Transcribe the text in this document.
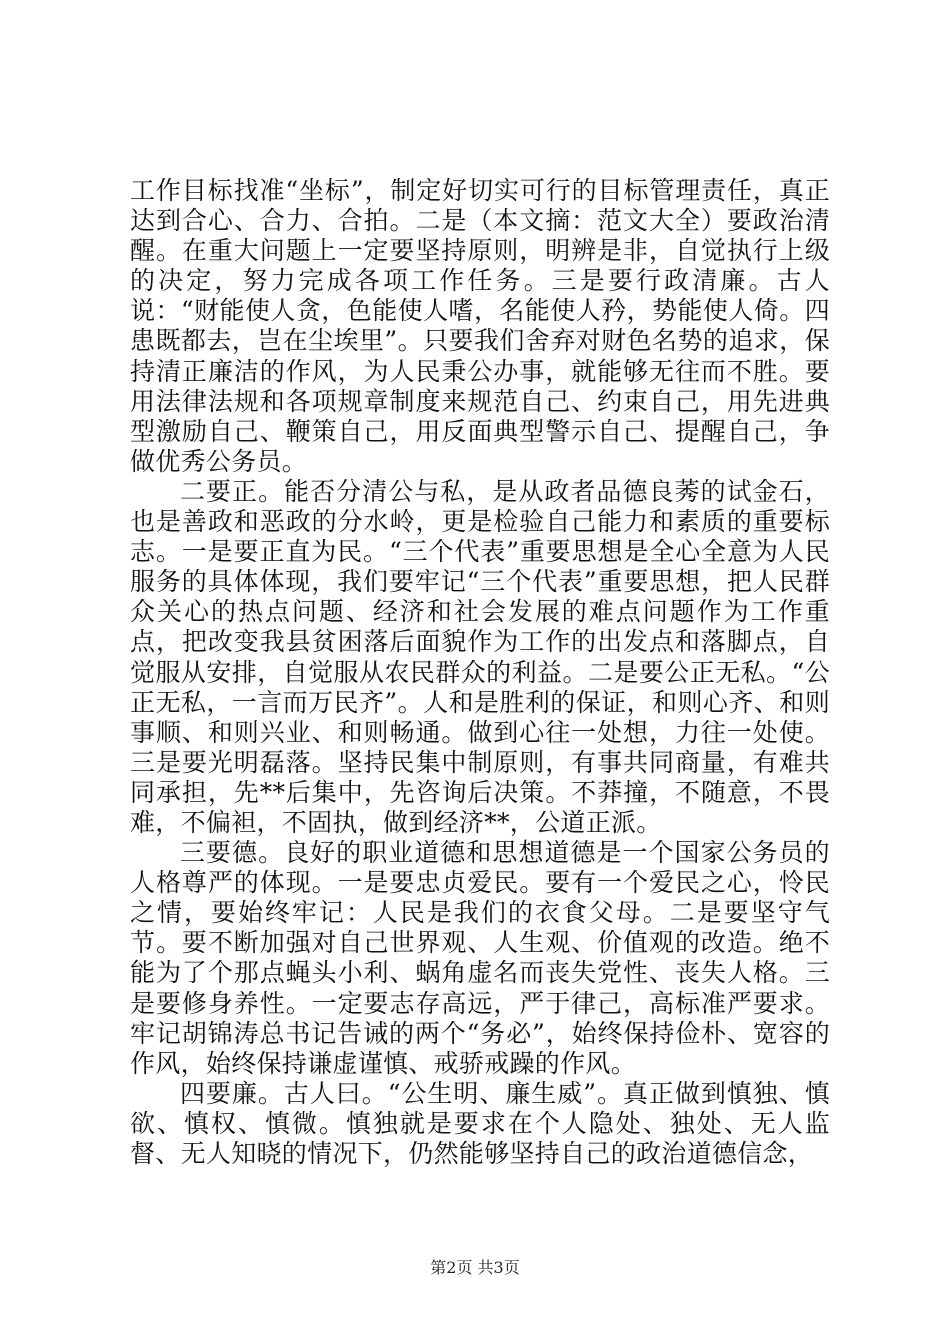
工作目标找准“坐标”，制定好切实可行的目标管理责任，真正达到合心、合力、合拍。二是（本文摘：范文大全）要政治清醒。在重大问题上一定要坚持原则，明辨是非，自觉执行上级的决定，努力完成各项工作任务。三是要行政清廉。古人说：“财能使人贪，色能使人嗜，名能使人矜，势能使人倚。四患既都去，岂在尘埃里”。只要我们舍弃对财色名势的追求，保持清正廉洁的作风，为人民秉公办事，就能够无往而不胜。要用法律法规和各项规章制度来规范自己、约束自己，用先进典型激励自己、鞭策自己，用反面典型警示自己、提醒自己，争做优秀公务员。

二要正。能否分清公与私，是从政者品德良莠的试金石，也是善政和恶政的分水岭，更是检验自己能力和素质的重要标志。一是要正直为民。“三个代表”重要思想是全心全意为人民服务的具体体现，我们要牢记“三个代表”重要思想，把人民群众关心的热点问题、经济和社会发展的难点问题作为工作重点，把改变我县贫困落后面貌作为工作的出发点和落脚点，自觉服从安排，自觉服从农民群众的利益。二是要公正无私。“公正无私，一言而万民齐”。人和是胜利的保证，和则心齐、和则事顺、和则兴业、和则畅通。做到心往一处想，力往一处使。三是要光明磊落。坚持民集中制原则，有事共同商量，有难共同承担，先**后集中，先咨询后决策。不莽撞，不随意，不畏难，不偏袒，不固执，做到经济**，公道正派。

三要德。良好的职业道德和思想道德是一个国家公务员的人格尊严的体现。一是要忠贞爱民。要有一个爱民之心，怜民之情，要始终牢记：人民是我们的衣食父母。二是要坚守气节。要不断加强对自己世界观、人生观、价值观的改造。绝不能为了个那点蝇头小利、蜗角虚名而丧失党性、丧失人格。三是要修身养性。一定要志存高远，严于律己，高标准严要求。牢记胡锦涛总书记告诫的两个“务必”，始终保持俭朴、宽容的作风，始终保持谦虚谨慎、戒骄戒躁的作风。

四要廉。古人曰。“公生明、廉生威”。真正做到慎独、慎欲、慎权、慎微。慎独就是要求在个人隐处、独处、无人监督、无人知晓的情况下，仍然能够坚持自己的政治道德信念，

第2页 共3页
